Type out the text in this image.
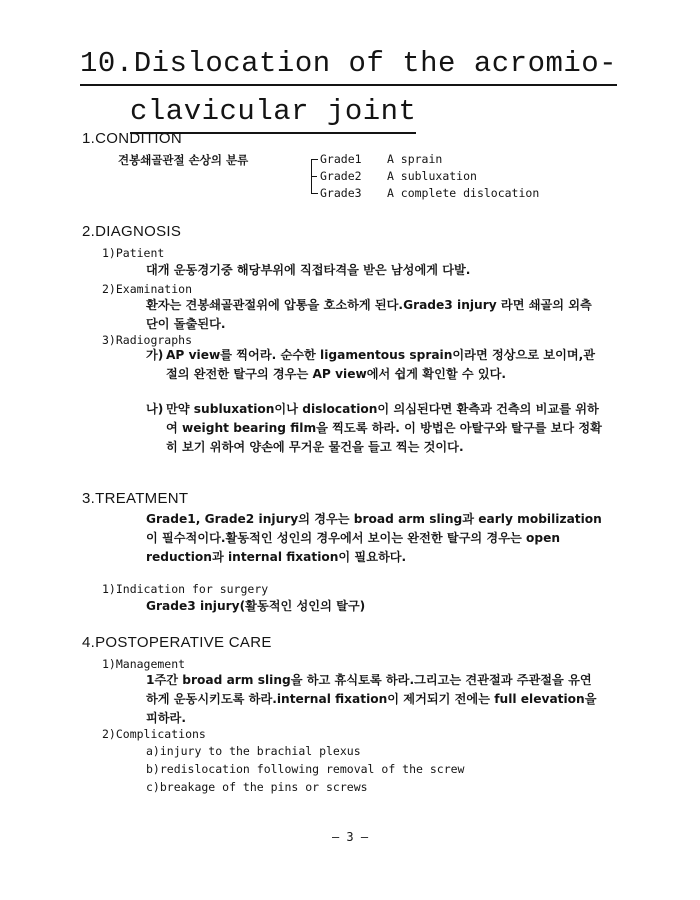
10.Dislocation of the acromio-
clavicular joint
1.CONDITION
견봉쇄골관절 손상의 분류	Grade1 A sprain
Grade2 A subluxation
Grade3 A complete dislocation
2.DIAGNOSIS
1)Patient
대개 운동경기중 해당부위에 직접타격을 받은 남성에게 다발.
2)Examination
환자는 견봉쇄골관절위에 압통을 호소하게 된다.Grade3 injury 라면 쇄골의 외측단이 돌출된다.
3)Radiographs
가) AP view를 찍어라. 순수한 ligamentous sprain이라면 정상으로 보이며,관절의 완전한 탈구의 경우는 AP view에서 쉽게 확인할 수 있다.
나) 만약 subluxation이나 dislocation이 의심된다면 환측과 건측의 비교를 위하여 weight bearing film을 찍도록 하라. 이 방법은 아탈구와 탈구를 보다 정확히 보기 위하여 양손에 무거운 물건을 들고 찍는 것이다.
3.TREATMENT
Grade1, Grade2 injury의 경우는 broad arm sling과 early mobilization이 필수적이다.활동적인 성인의 경우에서 보이는 완전한 탈구의 경우는 open reduction과 internal fixation이 필요하다.
1)Indication for surgery
Grade3 injury(활동적인 성인의 탈구)
4.POSTOPERATIVE CARE
1)Management
1주간 broad arm sling을 하고 휴식토록 하라.그리고는 견관절과 주관절을 유연하게 운동시키도록 하라.internal fixation이 제거되기 전에는 full elevation을 피하라.
2)Complications
a)injury to the brachial plexus
b)redislocation following removal of the screw
c)breakage of the pins or screws
— 3 —
